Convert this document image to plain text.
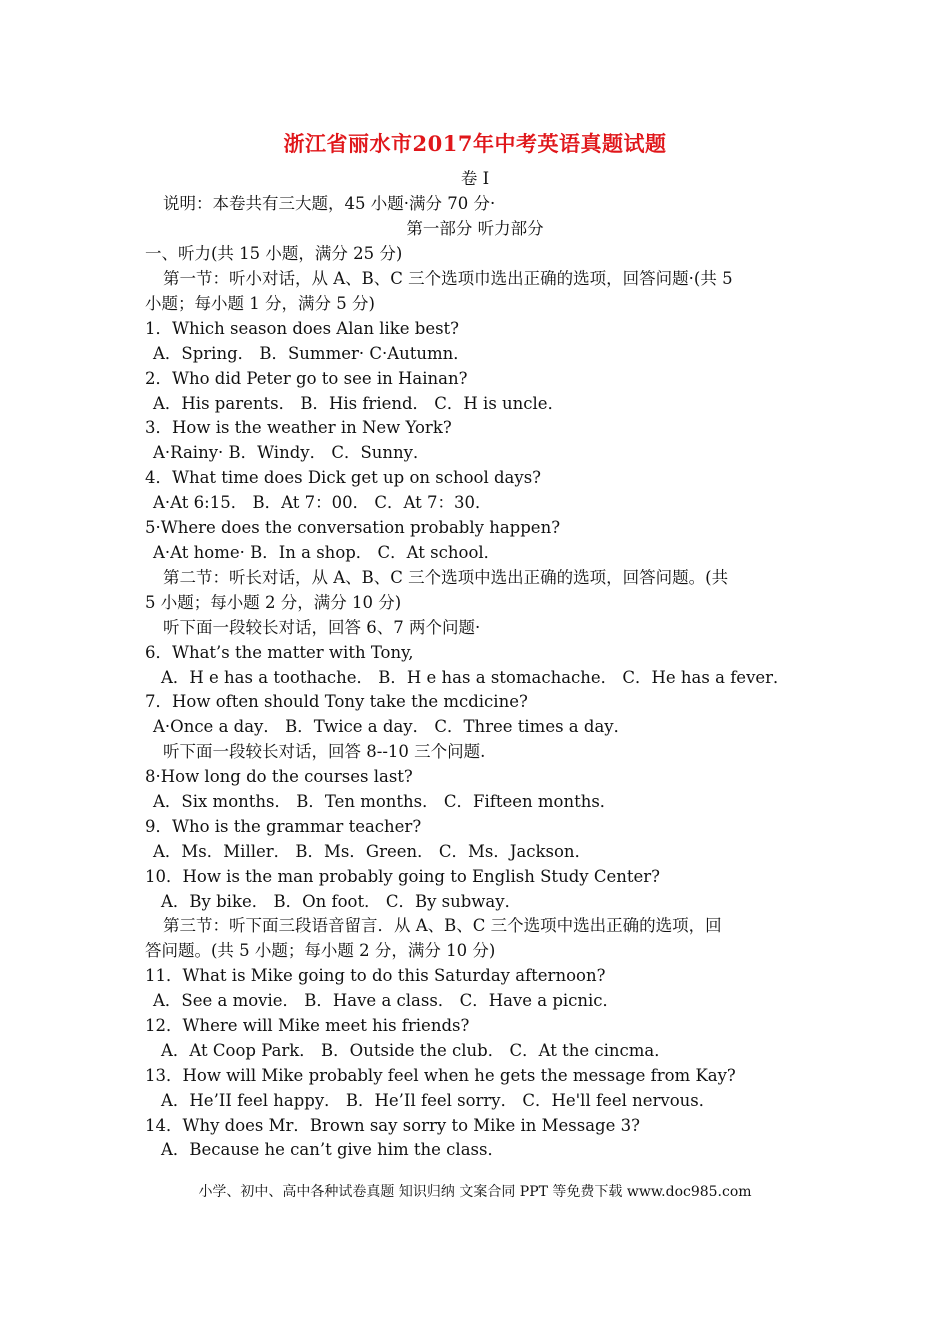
浙江省丽水市2017年中考英语真题试题
卷 I
说明：本卷共有三大题，45 小题·满分 70 分·
第一部分 听力部分
一、听力(共 15 小题，满分 25 分)
第一节：听小对话，从 A、B、C 三个选项巾选出正确的选项，回答问题·(共 5
小题；每小题 1 分，满分 5 分)
1．Which season does Alan like best?
A．Spring． B．Summer· C·Autumn．
2．Who did Peter go to see in Hainan?
A．His parents． B．His friend． C．H is uncle．
3．How is the weather in New York?
A·Rainy· B．Windy． C．Sunny．
4．What time does Dick get up on school days?
A·At 6:15． B．At 7：00． C．At 7：30．
5·Where does the conversation probably happen?
A·At home· B．In a shop． C．At school．
第二节：听长对话，从 A、B、C 三个选项中选出正确的选项，回答问题。(共
5 小题；每小题 2 分，满分 10 分)
听下面一段较长对话，回答 6、7 两个问题·
6．What’s the matter with Tony,
A．H e has a toothache． B．H e has a stomachache． C．He has a fever．
7．How often should Tony take the mcdicine?
A·Once a day． B．Twice a day． C．Three times a day．
听下面一段较长对话，回答 8--10 三个问题.
8·How long do the courses last?
A．Six months． B．Ten months． C．Fifteen months．
9．Who is the grammar teacher?
A．Ms．Miller． B．Ms．Green． C．Ms．Jackson．
10．How is the man probably going to English Study Center?
A．By bike． B．On foot． C．By subway．
第三节：听下面三段语音留言．从 A、B、C 三个选项中选出正确的选项，回
答问题。(共 5 小题；每小题 2 分，满分 10 分)
11．What is Mike going to do this Saturday afternoon?
A．See a movie． B．Have a class． C．Have a picnic．
12．Where will Mike meet his friends?
A．At Coop Park． B．Outside the club． C．At the cincma．
13．How will Mike probably feel when he gets the message from Kay?
A．He’II feel happy． B．He’Il feel sorry． C．He'll feel nervous．
14．Why does Mr．Brown say sorry to Mike in Message 3?
A．Because he can’t give him the class．
小学、初中、高中各种试卷真题 知识归纳 文案合同 PPT 等免费下载 www.doc985.com
